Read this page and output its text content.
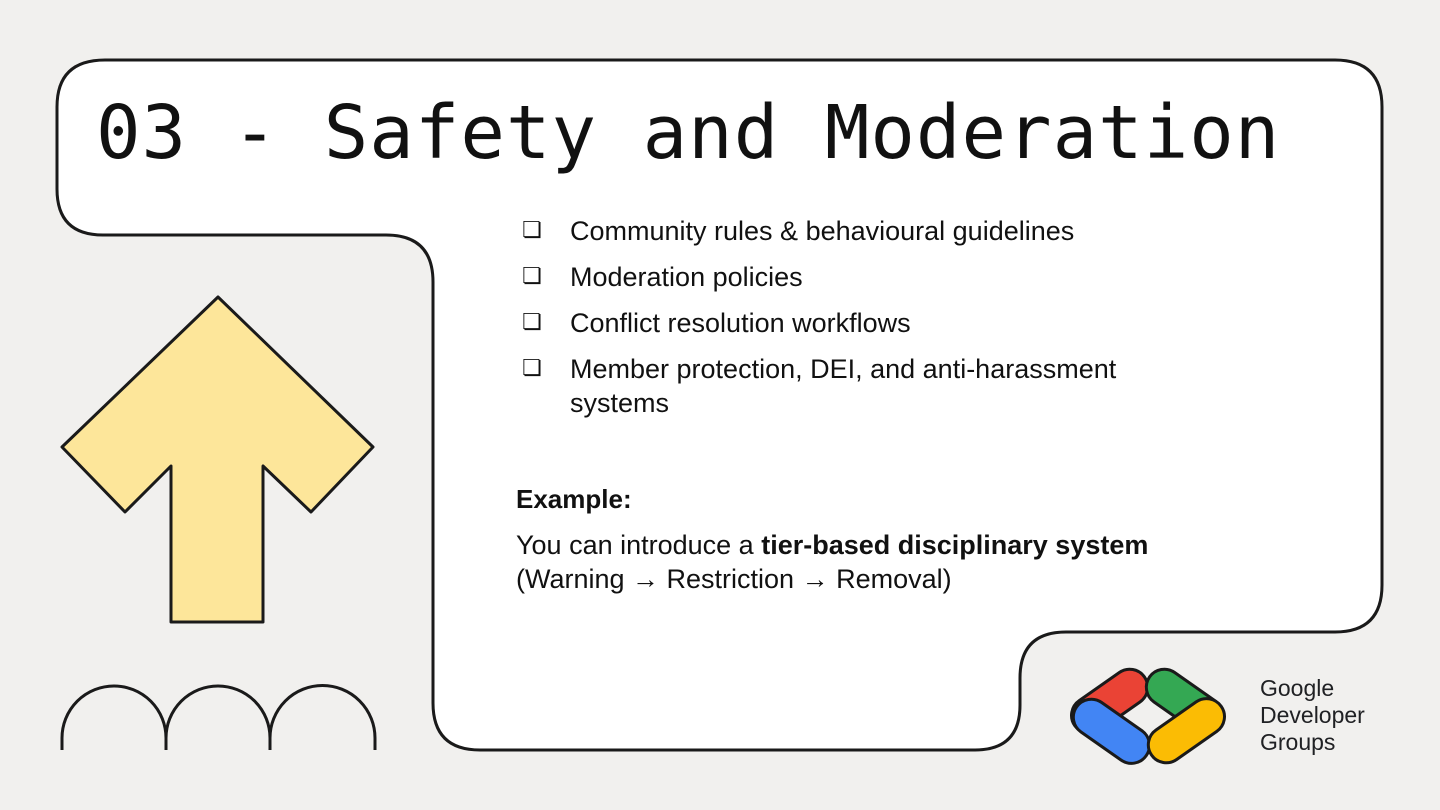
03 - Safety and Moderation
❏	Community rules & behavioural guidelines
❏	Moderation policies
❏	Conflict resolution workflows
❏	Member protection, DEI, and anti-harassment systems
Example:
You can introduce a tier-based disciplinary system
(Warning → Restriction → Removal)
Google
Developer
Groups
